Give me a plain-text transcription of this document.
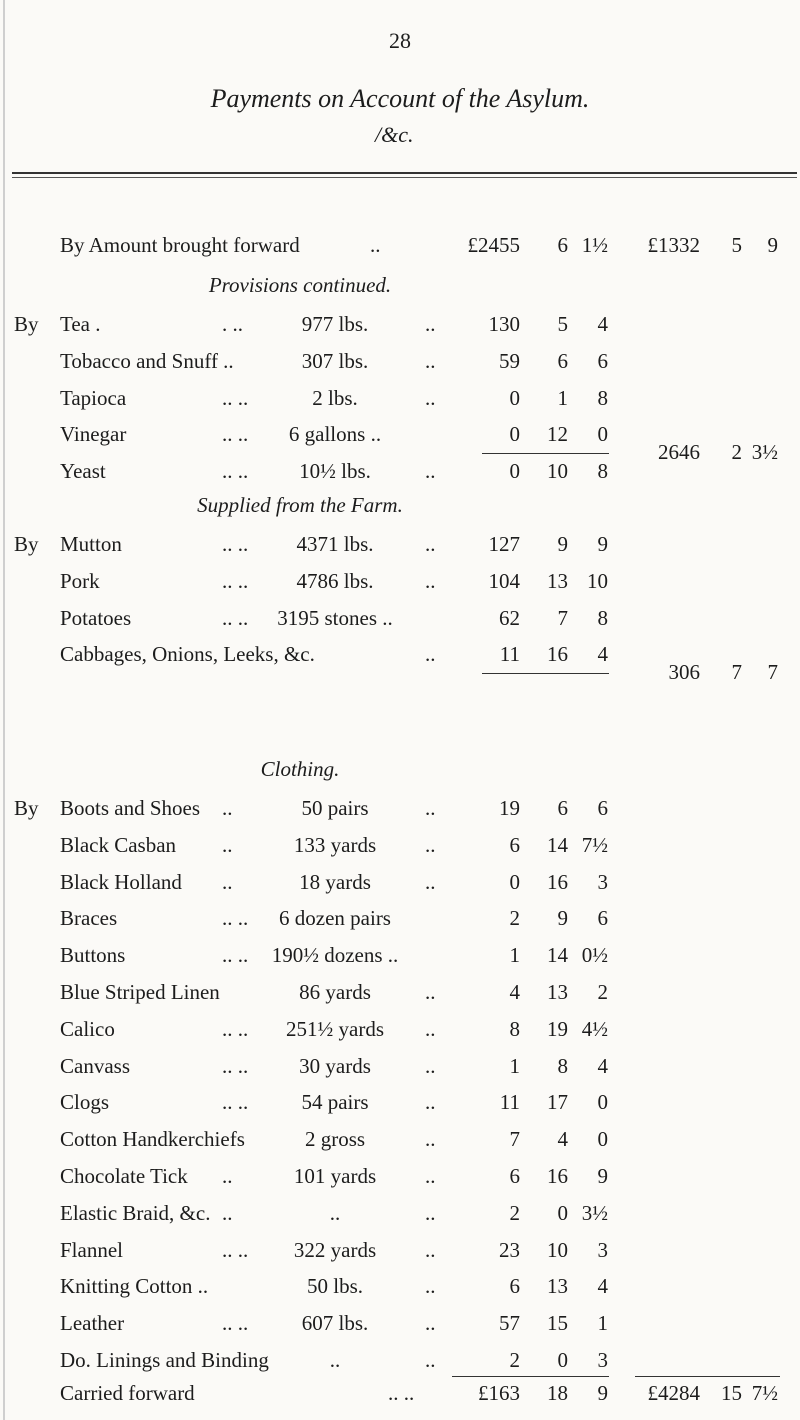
28
Payments on Account of the Asylum.
/&c.
By Amount brought forward	..	£2455	6 1½	£1332	5	9
Provisions continued.
By Tea .	. ..	977 lbs.	..	130	5	4
Tobacco and Snuff ..	307 lbs.	..	59	6	6
Tapioca	.. ..	2 lbs.	..	0	1	8
Vinegar	.. ..	6 gallons ..	0	12	0
Yeast	.. ..	10½ lbs.	..	0	10	8
2646	2 3½
Supplied from the Farm.
By Mutton	.. ..	4371 lbs.	..	127	9	9
Pork	.. ..	4786 lbs.	..	104	13 10
Potatoes	.. ..	3195 stones ..	62	7	8
Cabbages, Onions, Leeks, &c.	..	11	16	4
306	7	7
Clothing.
By Boots and Shoes ..	50 pairs	..	19	6	6
Black Casban ..	133 yards	..	6	14 7½
Black Holland ..	18 yards	..	0	16	3
Braces	.. ..	6 dozen pairs	2	9	6
Buttons	.. ..	190½ dozens ..	1	14 0½
Blue Striped Linen	86 yards	..	4	13	2
Calico	.. ..	251½ yards	..	8	19 4½
Canvass	.. ..	30 yards	..	1	8	4
Clogs	.. ..	54 pairs	..	11	17	0
Cotton Handkerchiefs	2 gross	..	7	4	0
Chocolate Tick ..	101 yards	..	6	16	9
Elastic Braid, &c. ..	..	..	2	0 3½
Flannel	.. ..	322 yards	..	23	10	3
Knitting Cotton ..	50 lbs.	..	6	13	4
Leather	.. ..	607 lbs.	..	57	15	1
Do. Linings and Binding	..	..	2	0	3
Carried forward	.. ..	£163	18	9	£4284	15 7½
